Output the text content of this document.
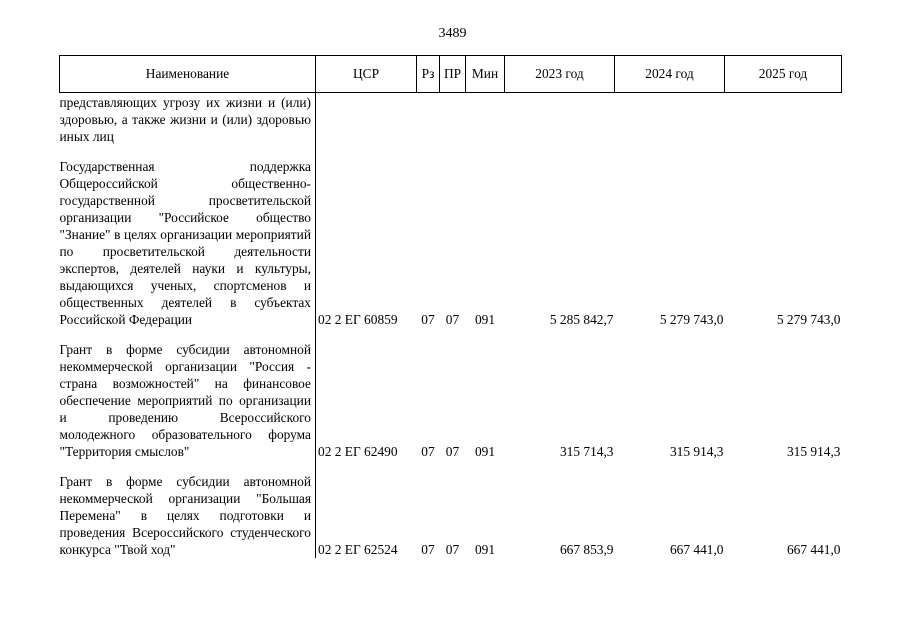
3489
Наименование	ЦСР	Рз	ПР	Мин	2023 год	2024 год	2025 год
представляющих угрозу их жизни и (или) здоровью, а также жизни и (или) здоровью иных лиц							

Государственная поддержка Общероссийской общественно-государственной просветительской организации "Российское общество "Знание" в целях организации мероприятий по просветительской деятельности экспертов, деятелей науки и культуры, выдающихся ученых, спортсменов и общественных деятелей в субъектах Российской Федерации	02 2 ЕГ 60859	07	07	091	5 285 842,7	5 279 743,0	5 279 743,0

Грант в форме субсидии автономной некоммерческой организации "Россия - страна возможностей" на финансовое обеспечение мероприятий по организации и проведению Всероссийского молодежного образовательного форума "Территория смыслов"	02 2 ЕГ 62490	07	07	091	315 714,3	315 914,3	315 914,3

Грант в форме субсидии автономной некоммерческой организации "Большая Перемена" в целях подготовки и проведения Всероссийского студенческого конкурса "Твой ход"	02 2 ЕГ 62524	07	07	091	667 853,9	667 441,0	667 441,0
